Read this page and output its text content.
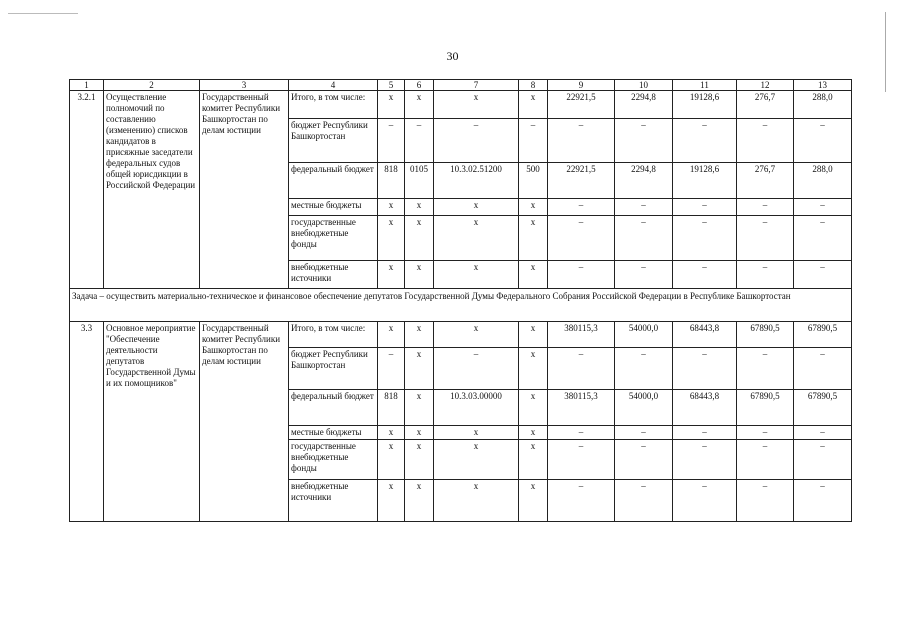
30
1	2	3	4	5	6	7	8	9	10	11	12	13
3.2.1	Осуществление полномочий по составлению (изменению) списков кандидатов в присяжные заседатели федеральных судов общей юрисдикции в Российской Федерации	Государственный комитет Республики Башкортостан по делам юстиции	Итого, в том числе:	х	х	х	х	22921,5	2294,8	19128,6	276,7	288,0
			бюджет Республики Башкортостан	–	–	–	–	–	–	–	–	–
			федеральный бюджет	818	0105	10.3.02.51200	500	22921,5	2294,8	19128,6	276,7	288,0
			местные бюджеты	х	х	х	х	–	–	–	–	–
			государственные внебюджетные фонды	х	х	х	х	–	–	–	–	–
			внебюджетные источники	х	х	х	х	–	–	–	–	–
Задача – осуществить материально-техническое и финансовое обеспечение депутатов Государственной Думы Федерального Собрания Российской Федерации в Республике Башкортостан												
3.3	Основное мероприятие "Обеспечение деятельности депутатов Государственной Думы и их помощников"	Государственный комитет Республики Башкортостан по делам юстиции	Итого, в том числе:	х	х	х	х	380115,3	54000,0	68443,8	67890,5	67890,5
			бюджет Республики Башкортостан	–	х	–	х	–	–	–	–	–
			федеральный бюджет	818	х	10.3.03.00000	х	380115,3	54000,0	68443,8	67890,5	67890,5
			местные бюджеты	х	х	х	х	–	–	–	–	–
			государственные внебюджетные фонды	х	х	х	х	–	–	–	–	–
			внебюджетные источники	х	х	х	х	–	–	–	–	–
